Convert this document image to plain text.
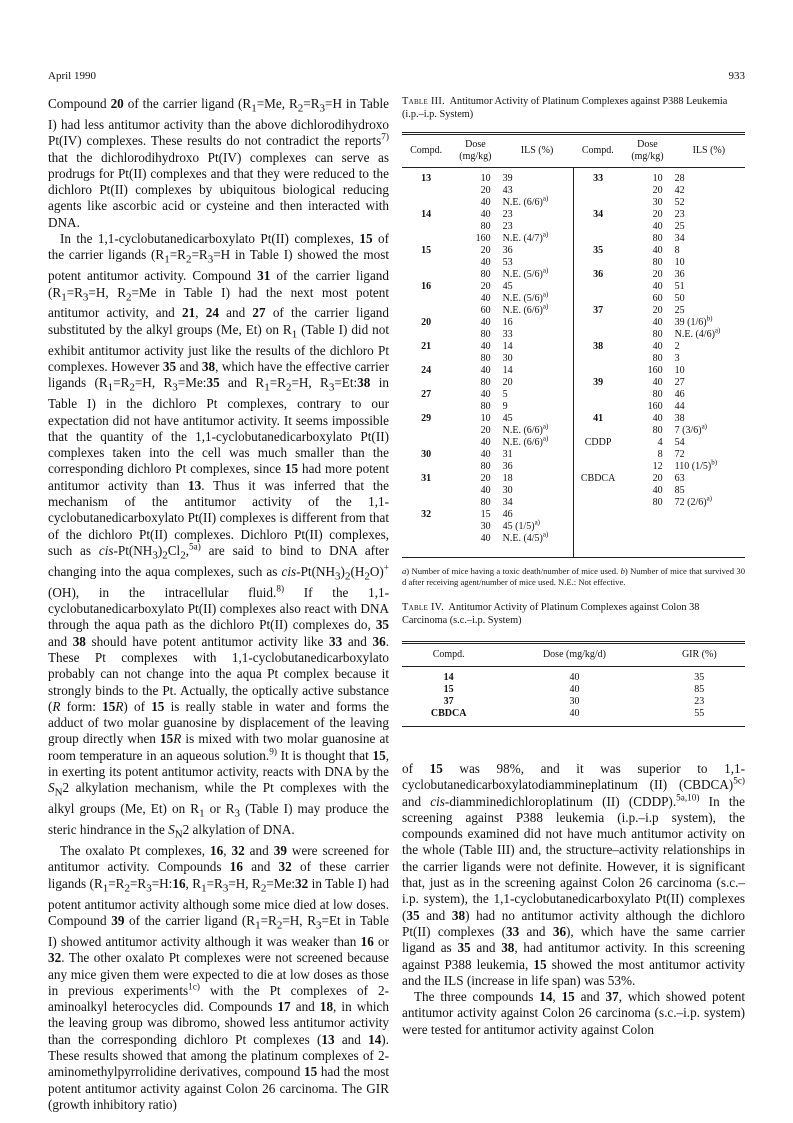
April 1990	933

Compound 20 of the carrier ligand ($R_1=Me$, $R_2=R_3=H$ in Table I) had less antitumor activity than the above dichlorodihydroxo Pt(IV) complexes. These results do not contradict the reports$^{7)}$ that the dichlorodihydroxo Pt(IV) complexes can serve as prodrugs for Pt(II) complexes and that they were reduced to the dichloro Pt(II) complexes by ubiquitous biological reducing agents like ascorbic acid or cysteine and then interacted with DNA.

In the 1,1-cyclobutanedicarboxylato Pt(II) complexes, 15 of the carrier ligands ($R_1=R_2=R_3=H$ in Table I) showed the most potent antitumor activity. Compound 31 of the carrier ligand ($R_1=R_3=H$, $R_2=Me$ in Table I) had the next most potent antitumor activity, and 21, 24 and 27 of the carrier ligand substituted by the alkyl groups (Me, Et) on $R_1$ (Table I) did not exhibit antitumor activity just like the results of the dichloro Pt complexes. However 35 and 38, which have the effective carrier ligands ($R_1=R_2=H$, $R_3=Me:35$ and $R_1=R_2=H$, $R_3=Et:38$ in Table I) in the dichloro Pt complexes, contrary to our expectation did not have antitumor activity. It seems impossible that the quantity of the 1,1-cyclobutanedicarboxylato Pt(II) complexes taken into the cell was much smaller than the corresponding dichloro Pt complexes, since 15 had more potent antitumor activity than 13. Thus it was inferred that the mechanism of the antitumor activity of the 1,1-cyclobutanedicarboxylato Pt(II) complexes is different from that of the dichloro Pt(II) complexes. Dichloro Pt(II) complexes, such as cis-$Pt(NH_3)_2Cl_2,^{5a)}$ are said to bind to DNA after changing into the aqua complexes, such as cis-$Pt(NH_3)_2(H_2O)^+(OH)$, in the intracellular fluid.$^{8)}$ If the 1,1-cyclobutanedicarboxylato Pt(II) complexes also react with DNA through the aqua path as the dichloro Pt(II) complexes do, 35 and 38 should have potent antitumor activity like 33 and 36. These Pt complexes with 1,1-cyclobutanedicarboxylato probably can not change into the aqua Pt complex because it strongly binds to the Pt. Actually, the optically active substance (R form: 15R) of 15 is really stable in water and forms the adduct of two molar guanosine by displacement of the leaving group directly when 15R is mixed with two molar guanosine at room temperature in an aqueous solution.$^{9)}$ It is thought that 15, in exerting its potent antitumor activity, reacts with DNA by the $S_N2$ alkylation mechanism, while the Pt complexes with the alkyl groups (Me, Et) on $R_1$ or $R_3$ (Table I) may produce the steric hindrance in the $S_N2$ alkylation of DNA.

The oxalato Pt complexes, 16, 32 and 39 were screened for antitumor activity. Compounds 16 and 32 of these carrier ligands ($R_1=R_2=R_3=H:16$, $R_1=R_3=H$, $R_2=Me:32$ in Table I) had potent antitumor activity although some mice died at low doses. Compound 39 of the carrier ligand ($R_1=R_2=H$, $R_3=Et$ in Table I) showed antitumor activity although it was weaker than 16 or 32. The other oxalato Pt complexes were not screened because any mice given them were expected to die at low doses as those in previous experiments$^{1c)}$ with the Pt complexes of 2-aminoalkyl heterocycles did. Compounds 17 and 18, in which the leaving group was dibromo, showed less antitumor activity than the corresponding dichloro Pt complexes (13 and 14). These results showed that among the platinum complexes of 2-aminomethylpyrrolidine derivatives, compound 15 had the most potent antitumor activity against Colon 26 carcinoma. The GIR (growth inhibitory ratio)

Table III. Antitumor Activity of Platinum Complexes against P388 Leukemia (i.p.–i.p. System)

Compd.	Dose (mg/kg)	ILS (%)	Compd.	Dose (mg/kg)	ILS (%)
13	10	39	33	10	28
	20	43		20	42
	40	N.E. $(6/6)^{a)}$		30	52
14	40	23	34	20	23
	80	23		40	25
	160	N.E. $(4/7)^{a)}$		80	34
15	20	36	35	40	8
	40	53		80	10
	80	N.E. $(5/6)^{a)}$	36	20	36
16	20	45		40	51
	40	N.E. $(5/6)^{a)}$		60	50
	60	N.E. $(6/6)^{a)}$	37	20	25
20	40	16		40	39 $(1/6)^{b)}$
	80	33		80	N.E. $(4/6)^{a)}$
21	40	14	38	40	2
	80	30		80	3
24	40	14		160	10
	80	20	39	40	27
27	40	5		80	46
	80	9		160	44
29	10	45	41	40	38
	20	N.E. $(6/6)^{a)}$		80	7 $(3/6)^{a)}$
	40	N.E. $(6/6)^{a)}$	CDDP	4	54
30	40	31		8	72
	80	36		12	110 $(1/5)^{b)}$
31	20	18	CBDCA	20	63
	40	30		40	85
	80	34		80	72 $(2/6)^{a)}$
32	15	46			
	30	45 $(1/5)^{a)}$			
	40	N.E. $(4/5)^{a)}$			

a) Number of mice having a toxic death/number of mice used. b) Number of mice that survived 30 d after receiving agent/number of mice used. N.E.: Not effective.

Table IV. Antitumor Activity of Platinum Complexes against Colon 38 Carcinoma (s.c.–i.p. System)

Compd.	Dose (mg/kg/d)	GIR (%)
14	40	35
15	40	85
37	30	23
CBDCA	40	55

of 15 was 98%, and it was superior to 1,1-cyclobutanedicarboxylatodiammineplatinum (II) (CBDCA)$^{5c)}$ and cis-diamminedichloroplatinum (II) (CDDP).$^{5a,10)}$ In the screening against P388 leukemia (i.p.–i.p system), the compounds examined did not have much antitumor activity on the whole (Table III) and, the structure–activity relationships in the carrier ligands were not definite. However, it is significant that, just as in the screening against Colon 26 carcinoma (s.c.–i.p. system), the 1,1-cyclobutanedicarboxylato Pt(II) complexes (35 and 38) had no antitumor activity although the dichloro Pt(II) complexes (33 and 36), which have the same carrier ligand as 35 and 38, had antitumor activity. In this screening against P388 leukemia, 15 showed the most antitumor activity and the ILS (increase in life span) was 53%.

The three compounds 14, 15 and 37, which showed potent antitumor activity against Colon 26 carcinoma (s.c.–i.p. system) were tested for antitumor activity against Colon
